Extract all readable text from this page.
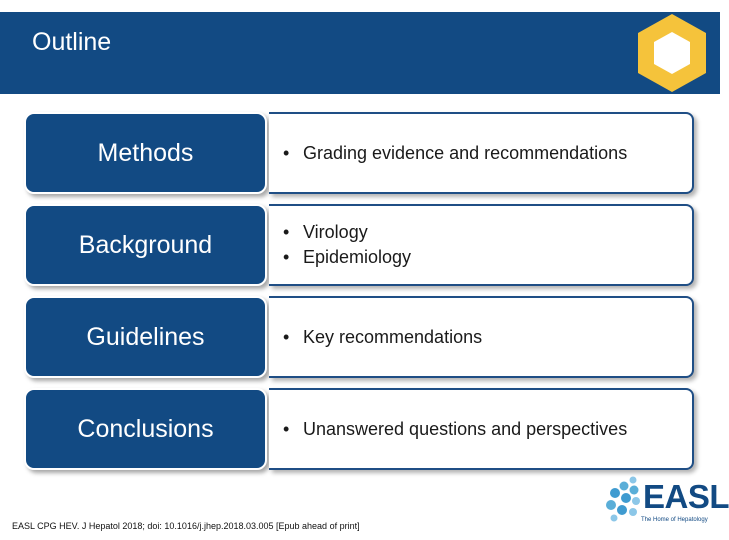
Outline
Methods	• Grading evidence and recommendations
Background	• Virology
• Epidemiology
Guidelines	• Key recommendations
Conclusions	• Unanswered questions and perspectives
EASL CPG HEV. J Hepatol 2018; doi: 10.1016/j.jhep.2018.03.005 [Epub ahead of print]
EASL
The Home of Hepatology
